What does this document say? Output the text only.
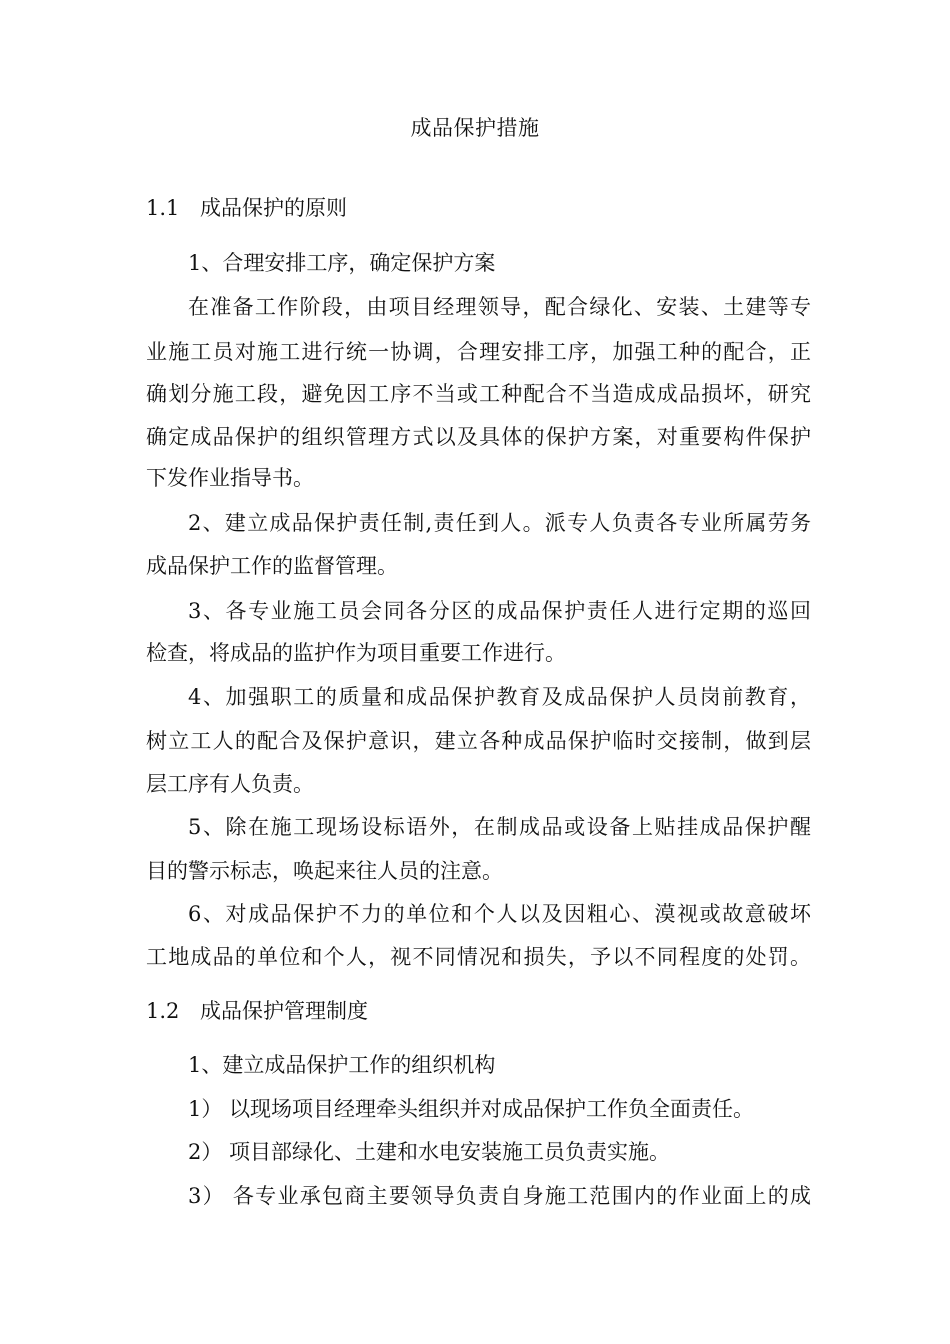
成品保护措施
1.1 成品保护的原则
1、合理安排工序，确定保护方案
在准备工作阶段，由项目经理领导，配合绿化、安装、土建等专
业施工员对施工进行统一协调，合理安排工序，加强工种的配合，正
确划分施工段，避免因工序不当或工种配合不当造成成品损坏，研究
确定成品保护的组织管理方式以及具体的保护方案，对重要构件保护
下发作业指导书。
2、建立成品保护责任制,责任到人。派专人负责各专业所属劳务
成品保护工作的监督管理。
3、各专业施工员会同各分区的成品保护责任人进行定期的巡回
检查，将成品的监护作为项目重要工作进行。
4、加强职工的质量和成品保护教育及成品保护人员岗前教育，
树立工人的配合及保护意识，建立各种成品保护临时交接制，做到层
层工序有人负责。
5、除在施工现场设标语外，在制成品或设备上贴挂成品保护醒
目的警示标志，唤起来往人员的注意。
6、对成品保护不力的单位和个人以及因粗心、漠视或故意破坏
工地成品的单位和个人，视不同情况和损失，予以不同程度的处罚。
1.2 成品保护管理制度
1、建立成品保护工作的组织机构
1） 以现场项目经理牵头组织并对成品保护工作负全面责任。
2） 项目部绿化、土建和水电安装施工员负责实施。
3） 各专业承包商主要领导负责自身施工范围内的作业面上的成
